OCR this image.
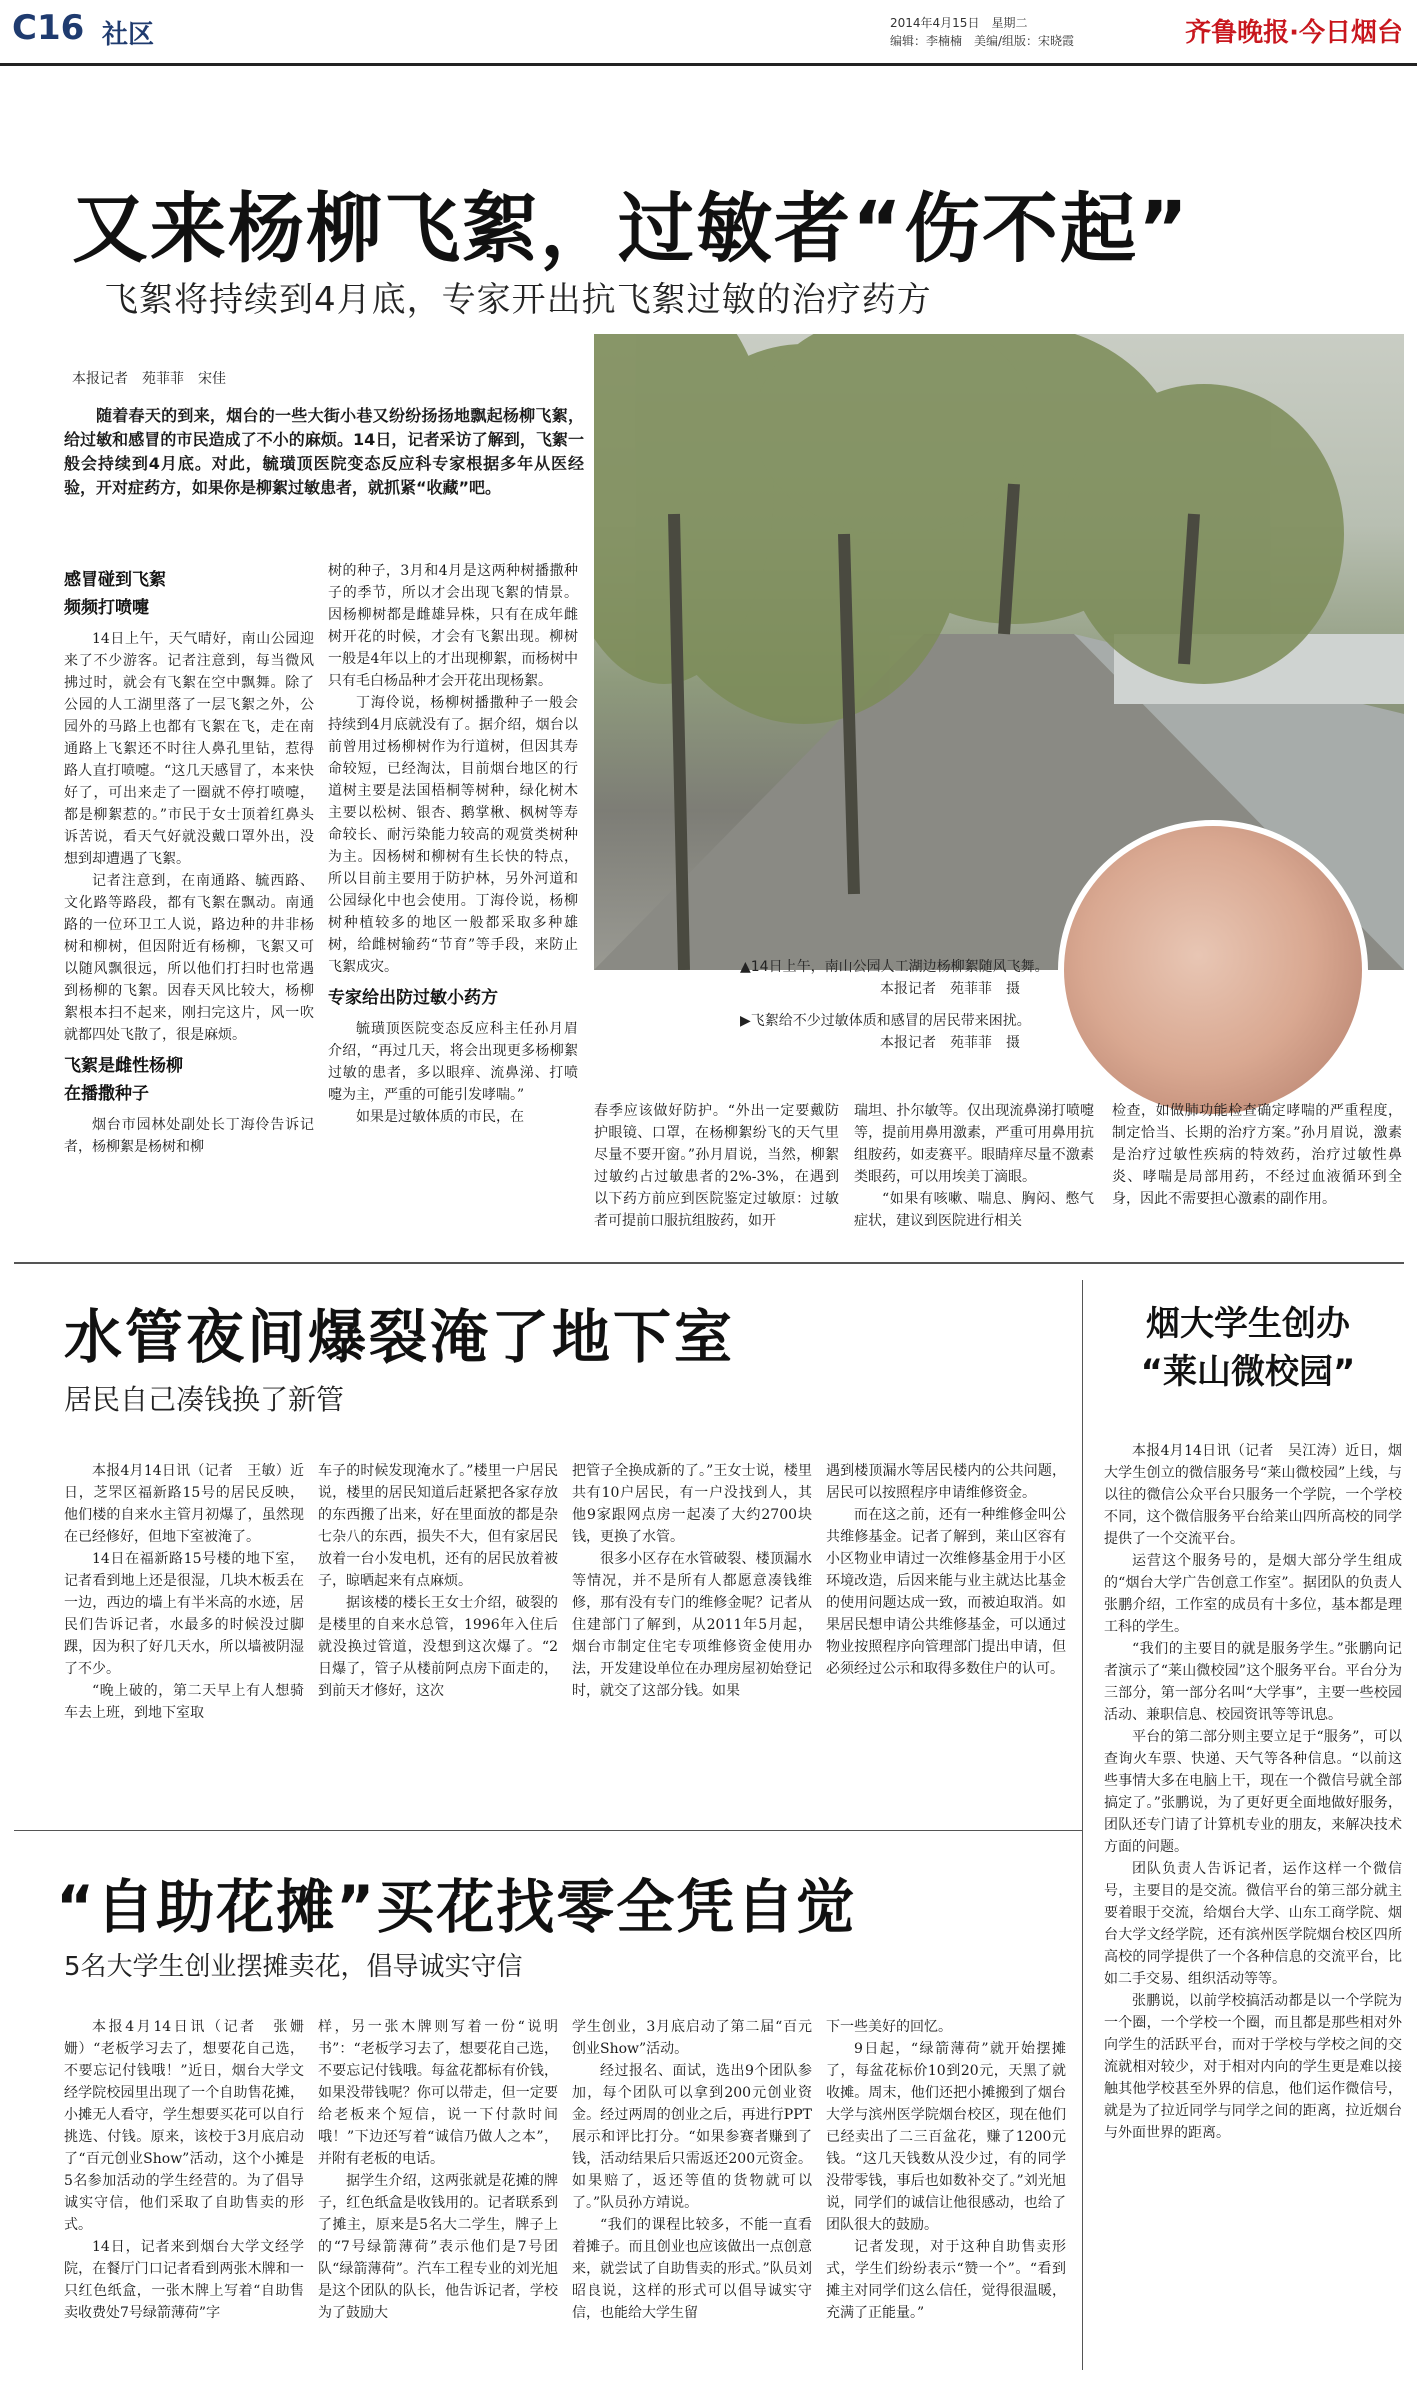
C16 社区	2014年4月15日　星期二
编辑：李楠楠　美编/组版：宋晓霞	齐鲁晚报·今日烟台
又来杨柳飞絮，过敏者“伤不起”
飞絮将持续到4月底，专家开出抗飞絮过敏的治疗药方
本报记者　苑菲菲　宋佳
随着春天的到来，烟台的一些大街小巷又纷纷扬扬地飘起杨柳飞絮，给过敏和感冒的市民造成了不小的麻烦。14日，记者采访了解到，飞絮一般会持续到4月底。对此，毓璜顶医院变态反应科专家根据多年从医经验，开对症药方，如果你是柳絮过敏患者，就抓紧“收藏”吧。
感冒碰到飞絮
频频打喷嚏

14日上午，天气晴好，南山公园迎来了不少游客。记者注意到，每当微风拂过时，就会有飞絮在空中飘舞。除了公园的人工湖里落了一层飞絮之外，公园外的马路上也都有飞絮在飞，走在南通路上飞絮还不时往人鼻孔里钻，惹得路人直打喷嚏。“这几天感冒了，本来快好了，可出来走了一圈就不停打喷嚏，都是柳絮惹的。”市民于女士顶着红鼻头诉苦说，看天气好就没戴口罩外出，没想到却遭遇了飞絮。

记者注意到，在南通路、毓西路、文化路等路段，都有飞絮在飘动。南通路的一位环卫工人说，路边种的井非杨树和柳树，但因附近有杨柳，飞絮又可以随风飘很远，所以他们打扫时也常遇到杨柳的飞絮。因春天风比较大，杨柳絮根本扫不起来，刚扫完这片，风一吹就都四处飞散了，很是麻烦。

飞絮是雌性杨柳
在播撒种子

烟台市园林处副处长丁海伶告诉记者，杨柳絮是杨树和柳

树的种子，3月和4月是这两种树播撒种子的季节，所以才会出现飞絮的情景。因杨柳树都是雌雄异株，只有在成年雌树开花的时候，才会有飞絮出现。柳树一般是4年以上的才出现柳絮，而杨树中只有毛白杨品种才会开花出现杨絮。

丁海伶说，杨柳树播撒种子一般会持续到4月底就没有了。据介绍，烟台以前曾用过杨柳树作为行道树，但因其寿命较短，已经淘汰，目前烟台地区的行道树主要是法国梧桐等树种，绿化树木主要以松树、银杏、鹅掌楸、枫树等寿命较长、耐污染能力较高的观赏类树种为主。因杨树和柳树有生长快的特点，所以目前主要用于防护林，另外河道和公园绿化中也会使用。丁海伶说，杨柳树种植较多的地区一般都采取多种雄树，给雌树输药“节育”等手段，来防止飞絮成灾。

专家给出防过敏小药方

毓璜顶医院变态反应科主任孙月眉介绍，“再过几天，将会出现更多杨柳絮过敏的患者，多以眼痒、流鼻涕、打喷嚏为主，严重的可能引发哮喘。”

如果是过敏体质的市民，在

▲14日上午，南山公园人工湖边杨柳絮随风飞舞。
本报记者　苑菲菲　摄
▶飞絮给不少过敏体质和感冒的居民带来困扰。
本报记者　苑菲菲　摄

春季应该做好防护。“外出一定要戴防护眼镜、口罩，在杨柳絮纷飞的天气里尽量不要开窗。”孙月眉说，当然，柳絮过敏约占过敏患者的2%-3%，在遇到以下药方前应到医院鉴定过敏原：过敏者可提前口服抗组胺药，如开

瑞坦、扑尔敏等。仅出现流鼻涕打喷嚏等，提前用鼻用激素，严重可用鼻用抗组胺药，如麦赛平。眼睛痒尽量不激素类眼药，可以用埃美丁滴眼。

“如果有咳嗽、喘息、胸闷、憋气症状，建议到医院进行相关

检查，如做肺功能检查确定哮喘的严重程度，制定恰当、长期的治疗方案。”孙月眉说，激素是治疗过敏性疾病的特效药，治疗过敏性鼻炎、哮喘是局部用药，不经过血液循环到全身，因此不需要担心激素的副作用。

水管夜间爆裂淹了地下室
居民自己凑钱换了新管

本报4月14日讯（记者　王敏）近日，芝罘区福新路15号的居民反映，他们楼的自来水主管月初爆了，虽然现在已经修好，但地下室被淹了。

14日在福新路15号楼的地下室，记者看到地上还是很湿，几块木板丢在一边，西边的墙上有半米高的水迹，居民们告诉记者，水最多的时候没过脚踝，因为积了好几天水，所以墙被阴湿了不少。

“晚上破的，第二天早上有人想骑车去上班，到地下室取

车子的时候发现淹水了。”楼里一户居民说，楼里的居民知道后赶紧把各家存放的东西搬了出来，好在里面放的都是杂七杂八的东西，损失不大，但有家居民放着一台小发电机，还有的居民放着被子，晾晒起来有点麻烦。

据该楼的楼长王女士介绍，破裂的是楼里的自来水总管，1996年入住后就没换过管道，没想到这次爆了。“2日爆了，管子从楼前阿点房下面走的，到前天才修好，这次

把管子全换成新的了。”王女士说，楼里共有10户居民，有一户没找到人，其他9家跟网点房一起凑了大约2700块钱，更换了水管。

很多小区存在水管破裂、楼顶漏水等情况，并不是所有人都愿意凑钱维修，那有没有专门的维修金呢？记者从住建部门了解到，从2011年5月起，烟台市制定住宅专项维修资金使用办法，开发建设单位在办理房屋初始登记时，就交了这部分钱。如果

遇到楼顶漏水等居民楼内的公共问题，居民可以按照程序申请维修资金。

而在这之前，还有一种维修金叫公共维修基金。记者了解到，莱山区容有小区物业申请过一次维修基金用于小区环境改造，后因来能与业主就达比基金的使用问题达成一致，而被迫取消。如果居民想申请公共维修基金，可以通过物业按照程序向管理部门提出申请，但必须经过公示和取得多数住户的认可。

“自助花摊”买花找零全凭自觉
5名大学生创业摆摊卖花，倡导诚实守信

本报4月14日讯（记者　张姗姗）“老板学习去了，想要花自己选，不要忘记付钱哦！”近日，烟台大学文经学院校园里出现了一个自助售花摊，小摊无人看守，学生想要买花可以自行挑选、付钱。原来，该校于3月底启动了“百元创业Show”活动，这个小摊是5名参加活动的学生经营的。为了倡导诚实守信，他们采取了自助售卖的形式。

14日，记者来到烟台大学文经学院，在餐厅门口记者看到两张木牌和一只红色纸盒，一张木牌上写着“自助售卖收费处7号绿箭薄荷”字

样，另一张木牌则写着一份“说明书”：“老板学习去了，想要花自己选，不要忘记付钱哦。每盆花都标有价钱，如果没带钱呢？你可以带走，但一定要给老板来个短信，说一下付款时间哦！”下边还写着“诚信乃做人之本”，并附有老板的电话。

据学生介绍，这两张就是花摊的牌子，红色纸盒是收钱用的。记者联系到了摊主，原来是5名大二学生，牌子上的“7号绿箭薄荷”表示他们是7号团队“绿箭薄荷”。汽车工程专业的刘光旭是这个团队的队长，他告诉记者，学校为了鼓励大

学生创业，3月底启动了第二届“百元创业Show”活动。

经过报名、面试，选出9个团队参加，每个团队可以拿到200元创业资金。经过两周的创业之后，再进行PPT展示和评比打分。“如果参赛者赚到了钱，活动结果后只需返还200元资金。如果赔了，返还等值的货物就可以了。”队员孙方靖说。

“我们的课程比较多，不能一直看着摊子。而且创业也应该做出一点创意来，就尝试了自助售卖的形式。”队员刘昭良说，这样的形式可以倡导诚实守信，也能给大学生留

下一些美好的回忆。

9日起，“绿箭薄荷”就开始摆摊了，每盆花标价10到20元，天黑了就收摊。周末，他们还把小摊搬到了烟台大学与滨州医学院烟台校区，现在他们已经卖出了二三百盆花，赚了1200元钱。“这几天钱数从没少过，有的同学没带零钱，事后也如数补交了。”刘光旭说，同学们的诚信让他很感动，也给了团队很大的鼓励。

记者发现，对于这种自助售卖形式，学生们纷纷表示“赞一个”。“看到摊主对同学们这么信任，觉得很温暖，充满了正能量。”

烟大学生创办
“莱山微校园”

本报4月14日讯（记者　吴江涛）近日，烟大学生创立的微信服务号“莱山微校园”上线，与以往的微信公众平台只服务一个学院，一个学校不同，这个微信服务平台给莱山四所高校的同学提供了一个交流平台。

运营这个服务号的，是烟大部分学生组成的“烟台大学广告创意工作室”。据团队的负责人张鹏介绍，工作室的成员有十多位，基本都是理工科的学生。

“我们的主要目的就是服务学生。”张鹏向记者演示了“莱山微校园”这个服务平台。平台分为三部分，第一部分名叫“大学事”，主要一些校园活动、兼职信息、校园资讯等等讯息。

平台的第二部分则主要立足于“服务”，可以查询火车票、快递、天气等各种信息。“以前这些事情大多在电脑上干，现在一个微信号就全部搞定了。”张鹏说，为了更好更全面地做好服务，团队还专门请了计算机专业的朋友，来解决技术方面的问题。

团队负责人告诉记者，运作这样一个微信号，主要目的是交流。微信平台的第三部分就主要着眼于交流，给烟台大学、山东工商学院、烟台大学文经学院，还有滨州医学院烟台校区四所高校的同学提供了一个各种信息的交流平台，比如二手交易、组织活动等等。

张鹏说，以前学校搞活动都是以一个学院为一个圈，一个学校一个圈，而且都是那些相对外向学生的活跃平台，而对于学校与学校之间的交流就相对较少，对于相对内向的学生更是难以接触其他学校甚至外界的信息，他们运作微信号，就是为了拉近同学与同学之间的距离，拉近烟台与外面世界的距离。
